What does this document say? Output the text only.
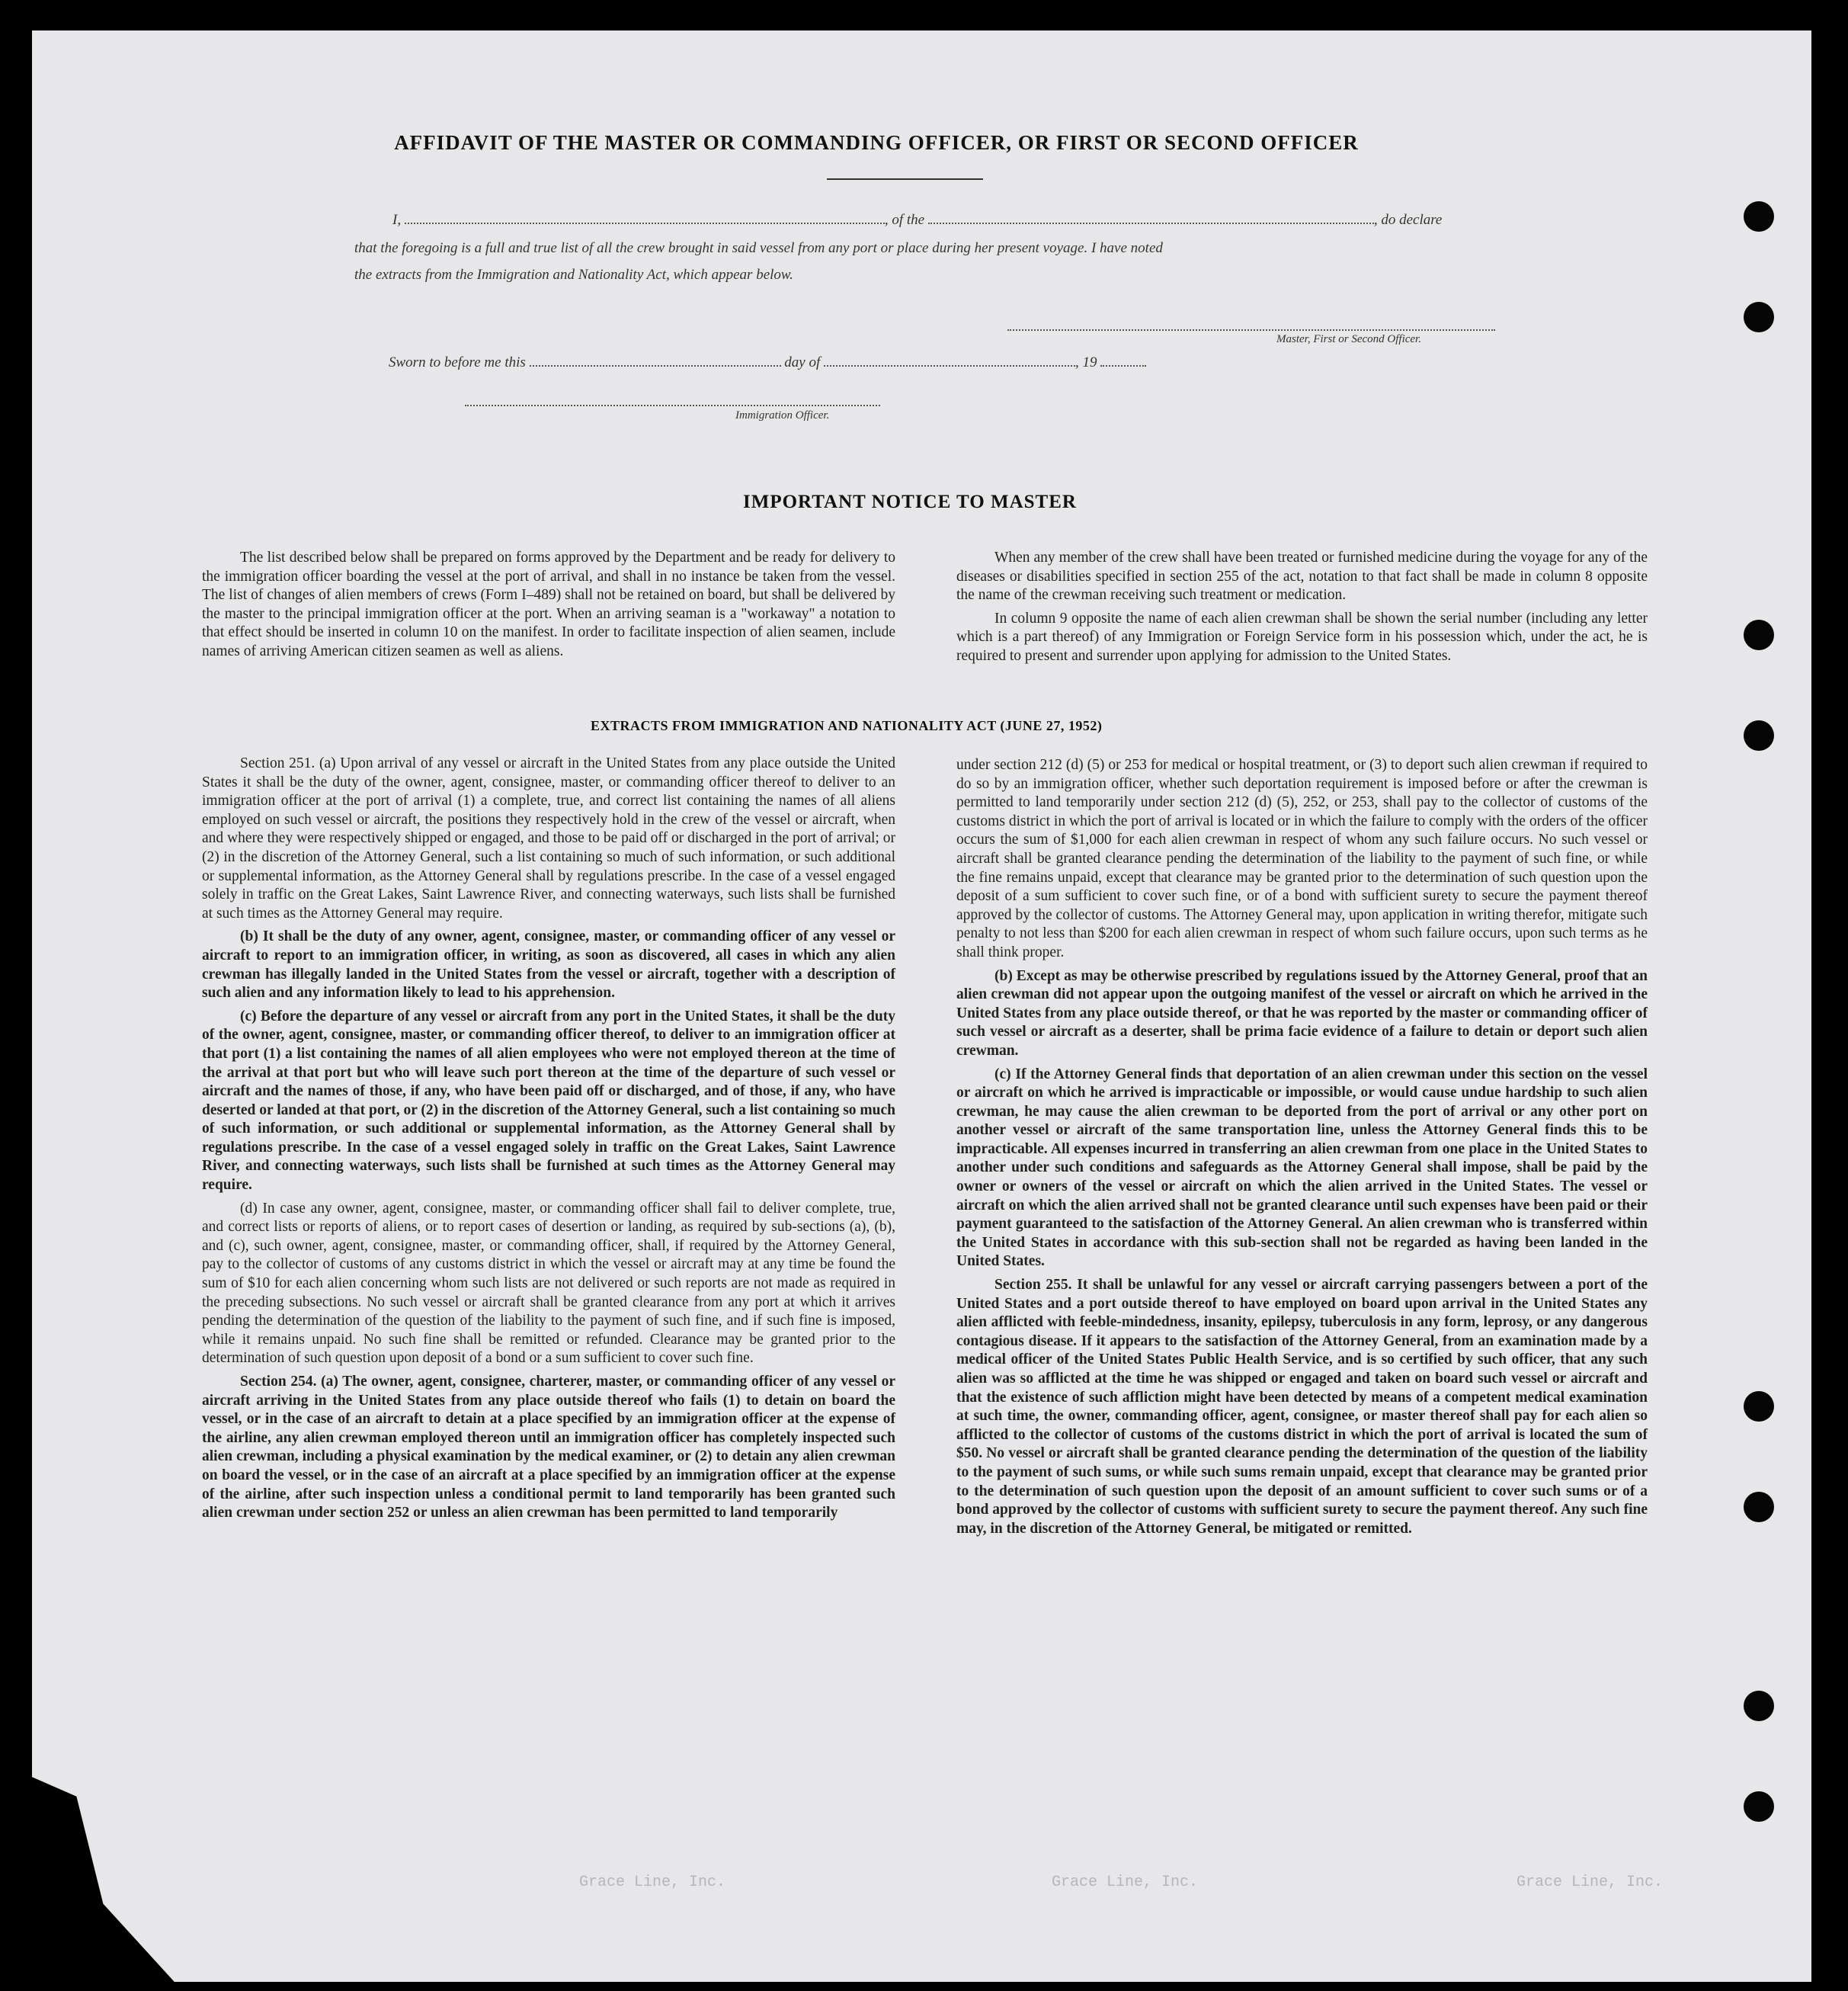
Grace Line, Inc.	Grace Line, Inc.	Grace Line, Inc.
AFFIDAVIT OF THE MASTER OR COMMANDING OFFICER, OR FIRST OR SECOND OFFICER
I,	, of the	, do declare
that the foregoing is a full and true list of all the crew brought in said vessel from any port or place during her present voyage. I have noted
the extracts from the Immigration and Nationality Act, which appear below.
Master, First or Second Officer.
Sworn to before me this	day of	, 19
Immigration Officer.
IMPORTANT NOTICE TO MASTER

The list described below shall be prepared on forms approved by the Department and be ready for delivery to the immigration officer boarding the vessel at the port of arrival, and shall in no instance be taken from the vessel. The list of changes of alien members of crews (Form I–489) shall not be retained on board, but shall be delivered by the master to the principal immigration officer at the port. When an arriving seaman is a "workaway" a notation to that effect should be inserted in column 10 on the manifest. In order to facilitate inspection of alien seamen, include names of arriving American citizen seamen as well as aliens.

When any member of the crew shall have been treated or furnished medicine during the voyage for any of the diseases or disabilities specified in section 255 of the act, notation to that fact shall be made in column 8 opposite the name of the crewman receiving such treatment or medication.

In column 9 opposite the name of each alien crewman shall be shown the serial number (including any letter which is a part thereof) of any Immigration or Foreign Service form in his possession which, under the act, he is required to present and surrender upon applying for admission to the United States.

EXTRACTS FROM IMMIGRATION AND NATIONALITY ACT (JUNE 27, 1952)

Section 251. (a) Upon arrival of any vessel or aircraft in the United States from any place outside the United States it shall be the duty of the owner, agent, consignee, master, or commanding officer thereof to deliver to an immigration officer at the port of arrival (1) a complete, true, and correct list containing the names of all aliens employed on such vessel or aircraft, the positions they respectively hold in the crew of the vessel or aircraft, when and where they were respectively shipped or engaged, and those to be paid off or discharged in the port of arrival; or (2) in the discretion of the Attorney General, such a list containing so much of such information, or such additional or supplemental information, as the Attorney General shall by regulations prescribe. In the case of a vessel engaged solely in traffic on the Great Lakes, Saint Lawrence River, and connecting waterways, such lists shall be furnished at such times as the Attorney General may require.

(b) It shall be the duty of any owner, agent, consignee, master, or commanding officer of any vessel or aircraft to report to an immigration officer, in writing, as soon as discovered, all cases in which any alien crewman has illegally landed in the United States from the vessel or aircraft, together with a description of such alien and any information likely to lead to his apprehension.

(c) Before the departure of any vessel or aircraft from any port in the United States, it shall be the duty of the owner, agent, consignee, master, or commanding officer thereof, to deliver to an immigration officer at that port (1) a list containing the names of all alien employees who were not employed thereon at the time of the arrival at that port but who will leave such port thereon at the time of the departure of such vessel or aircraft and the names of those, if any, who have been paid off or discharged, and of those, if any, who have deserted or landed at that port, or (2) in the discretion of the Attorney General, such a list containing so much of such information, or such additional or supplemental information, as the Attorney General shall by regulations prescribe. In the case of a vessel engaged solely in traffic on the Great Lakes, Saint Lawrence River, and connecting waterways, such lists shall be furnished at such times as the Attorney General may require.

(d) In case any owner, agent, consignee, master, or commanding officer shall fail to deliver complete, true, and correct lists or reports of aliens, or to report cases of desertion or landing, as required by sub-sections (a), (b), and (c), such owner, agent, consignee, master, or commanding officer, shall, if required by the Attorney General, pay to the collector of customs of any customs district in which the vessel or aircraft may at any time be found the sum of $10 for each alien concerning whom such lists are not delivered or such reports are not made as required in the preceding subsections. No such vessel or aircraft shall be granted clearance from any port at which it arrives pending the determination of the question of the liability to the payment of such fine, and if such fine is imposed, while it remains unpaid. No such fine shall be remitted or refunded. Clearance may be granted prior to the determination of such question upon deposit of a bond or a sum sufficient to cover such fine.

Section 254. (a) The owner, agent, consignee, charterer, master, or commanding officer of any vessel or aircraft arriving in the United States from any place outside thereof who fails (1) to detain on board the vessel, or in the case of an aircraft to detain at a place specified by an immigration officer at the expense of the airline, any alien crewman employed thereon until an immigration officer has completely inspected such alien crewman, including a physical examination by the medical examiner, or (2) to detain any alien crewman on board the vessel, or in the case of an aircraft at a place specified by an immigration officer at the expense of the airline, after such inspection unless a conditional permit to land temporarily has been granted such alien crewman under section 252 or unless an alien crewman has been permitted to land temporarily

under section 212 (d) (5) or 253 for medical or hospital treatment, or (3) to deport such alien crewman if required to do so by an immigration officer, whether such deportation requirement is imposed before or after the crewman is permitted to land temporarily under section 212 (d) (5), 252, or 253, shall pay to the collector of customs of the customs district in which the port of arrival is located or in which the failure to comply with the orders of the officer occurs the sum of $1,000 for each alien crewman in respect of whom any such failure occurs. No such vessel or aircraft shall be granted clearance pending the determination of the liability to the payment of such fine, or while the fine remains unpaid, except that clearance may be granted prior to the determination of such question upon the deposit of a sum sufficient to cover such fine, or of a bond with sufficient surety to secure the payment thereof approved by the collector of customs. The Attorney General may, upon application in writing therefor, mitigate such penalty to not less than $200 for each alien crewman in respect of whom such failure occurs, upon such terms as he shall think proper.

(b) Except as may be otherwise prescribed by regulations issued by the Attorney General, proof that an alien crewman did not appear upon the outgoing manifest of the vessel or aircraft on which he arrived in the United States from any place outside thereof, or that he was reported by the master or commanding officer of such vessel or aircraft as a deserter, shall be prima facie evidence of a failure to detain or deport such alien crewman.

(c) If the Attorney General finds that deportation of an alien crewman under this section on the vessel or aircraft on which he arrived is impracticable or impossible, or would cause undue hardship to such alien crewman, he may cause the alien crewman to be deported from the port of arrival or any other port on another vessel or aircraft of the same transportation line, unless the Attorney General finds this to be impracticable. All expenses incurred in transferring an alien crewman from one place in the United States to another under such conditions and safeguards as the Attorney General shall impose, shall be paid by the owner or owners of the vessel or aircraft on which the alien arrived in the United States. The vessel or aircraft on which the alien arrived shall not be granted clearance until such expenses have been paid or their payment guaranteed to the satisfaction of the Attorney General. An alien crewman who is transferred within the United States in accordance with this sub-section shall not be regarded as having been landed in the United States.

Section 255. It shall be unlawful for any vessel or aircraft carrying passengers between a port of the United States and a port outside thereof to have employed on board upon arrival in the United States any alien afflicted with feeble-mindedness, insanity, epilepsy, tuberculosis in any form, leprosy, or any dangerous contagious disease. If it appears to the satisfaction of the Attorney General, from an examination made by a medical officer of the United States Public Health Service, and is so certified by such officer, that any such alien was so afflicted at the time he was shipped or engaged and taken on board such vessel or aircraft and that the existence of such affliction might have been detected by means of a competent medical examination at such time, the owner, commanding officer, agent, consignee, or master thereof shall pay for each alien so afflicted to the collector of customs of the customs district in which the port of arrival is located the sum of $50. No vessel or aircraft shall be granted clearance pending the determination of the question of the liability to the payment of such sums, or while such sums remain unpaid, except that clearance may be granted prior to the determination of such question upon the deposit of an amount sufficient to cover such sums or of a bond approved by the collector of customs with sufficient surety to secure the payment thereof. Any such fine may, in the discretion of the Attorney General, be mitigated or remitted.
